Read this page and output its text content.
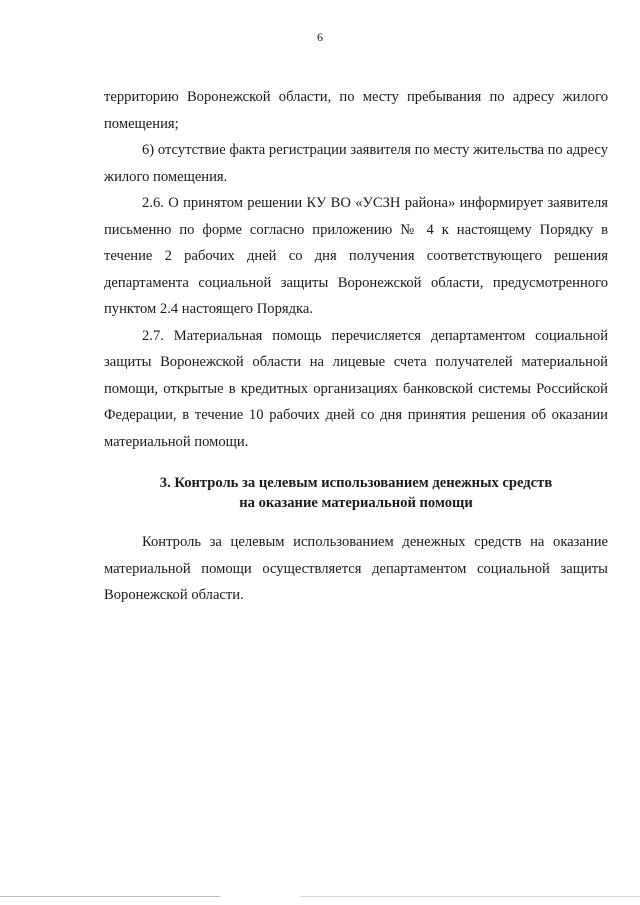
6

территорию Воронежской области, по месту пребывания по адресу жилого помещения;

6) отсутствие факта регистрации заявителя по месту жительства по адресу жилого помещения.

2.6. О принятом решении КУ ВО «УСЗН района» информирует заявителя письменно по форме согласно приложению № 4 к настоящему Порядку в течение 2 рабочих дней со дня получения соответствующего решения департамента социальной защиты Воронежской области, предусмотренного пунктом 2.4 настоящего Порядка.

2.7. Материальная помощь перечисляется департаментом социальной защиты Воронежской области на лицевые счета получателей материальной помощи, открытые в кредитных организациях банковской системы Российской Федерации, в течение 10 рабочих дней со дня принятия решения об оказании материальной помощи.

3. Контроль за целевым использованием денежных средств
на оказание материальной помощи

Контроль за целевым использованием денежных средств на оказание материальной помощи осуществляется департаментом социальной защиты Воронежской области.
